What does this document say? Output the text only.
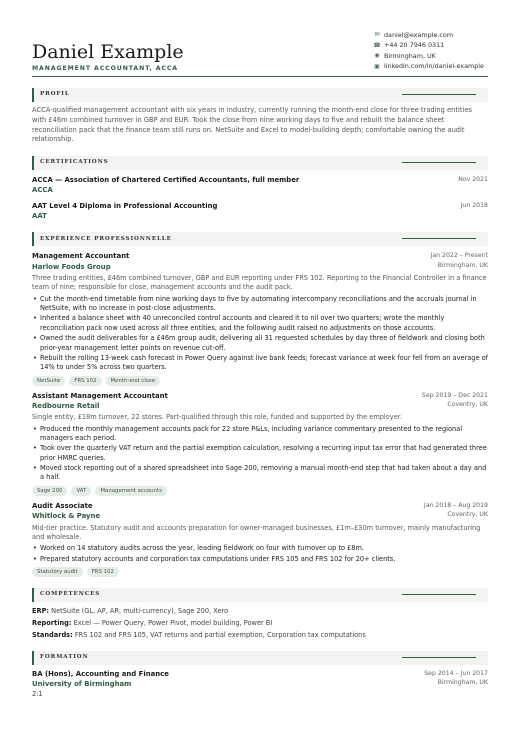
Daniel Example
MANAGEMENT ACCOUNTANT, ACCA
✉ daniel@example.com
☎ +44 20 7946 0311
◉ Birmingham, UK
▣ linkedin.com/in/daniel-example
PROFIL
ACCA-qualified management accountant with six years in industry, currently running the month-end close for three trading entities with £46m combined turnover in GBP and EUR. Took the close from nine working days to five and rebuilt the balance sheet reconciliation pack that the finance team still runs on. NetSuite and Excel to model-building depth; comfortable owning the audit relationship.
CERTIFICATIONS
ACCA — Association of Chartered Certified Accountants, full member
ACCA
Nov 2021
AAT Level 4 Diploma in Professional Accounting
AAT
Jun 2018
EXPÉRIENCE PROFESSIONNELLE
Management Accountant
Harlow Foods Group
Jan 2022 – Present
Birmingham, UK
Three trading entities, £46m combined turnover, GBP and EUR reporting under FRS 102. Reporting to the Financial Controller in a finance team of nine; responsible for close, management accounts and the audit pack.
• Cut the month-end timetable from nine working days to five by automating intercompany reconciliations and the accruals journal in NetSuite, with no increase in post-close adjustments.
• Inherited a balance sheet with 40 unreconciled control accounts and cleared it to nil over two quarters; wrote the monthly reconciliation pack now used across all three entities, and the following audit raised no adjustments on those accounts.
• Owned the audit deliverables for a £46m group audit, delivering all 31 requested schedules by day three of fieldwork and closing both prior-year management letter points on revenue cut-off.
• Rebuilt the rolling 13-week cash forecast in Power Query against live bank feeds; forecast variance at week four fell from an average of 14% to under 5% across two quarters.
NetSuite	FRS 102	Month-end close
Assistant Management Accountant
Redbourne Retail
Sep 2019 – Dec 2021
Coventry, UK
Single entity, £18m turnover, 22 stores. Part-qualified through this role, funded and supported by the employer.
• Produced the monthly management accounts pack for 22 store P&Ls, including variance commentary presented to the regional managers each period.
• Took over the quarterly VAT return and the partial exemption calculation, resolving a recurring input tax error that had generated three prior HMRC queries.
• Moved stock reporting out of a shared spreadsheet into Sage 200, removing a manual month-end step that had taken about a day and a half.
Sage 200	VAT	Management accounts
Audit Associate
Whitlock & Payne
Jan 2018 – Aug 2019
Coventry, UK
Mid-tier practice. Statutory audit and accounts preparation for owner-managed businesses, £1m–£30m turnover, mainly manufacturing and wholesale.
• Worked on 14 statutory audits across the year, leading fieldwork on four with turnover up to £8m.
• Prepared statutory accounts and corporation tax computations under FRS 105 and FRS 102 for 20+ clients.
Statutory audit	FRS 102
COMPÉTENCES
ERP: NetSuite (GL, AP, AR, multi-currency), Sage 200, Xero
Reporting: Excel — Power Query, Power Pivot, model building, Power BI
Standards: FRS 102 and FRS 105, VAT returns and partial exemption, Corporation tax computations
FORMATION
BA (Hons), Accounting and Finance
University of Birmingham
Sep 2014 – Jun 2017
Birmingham, UK
2:1
